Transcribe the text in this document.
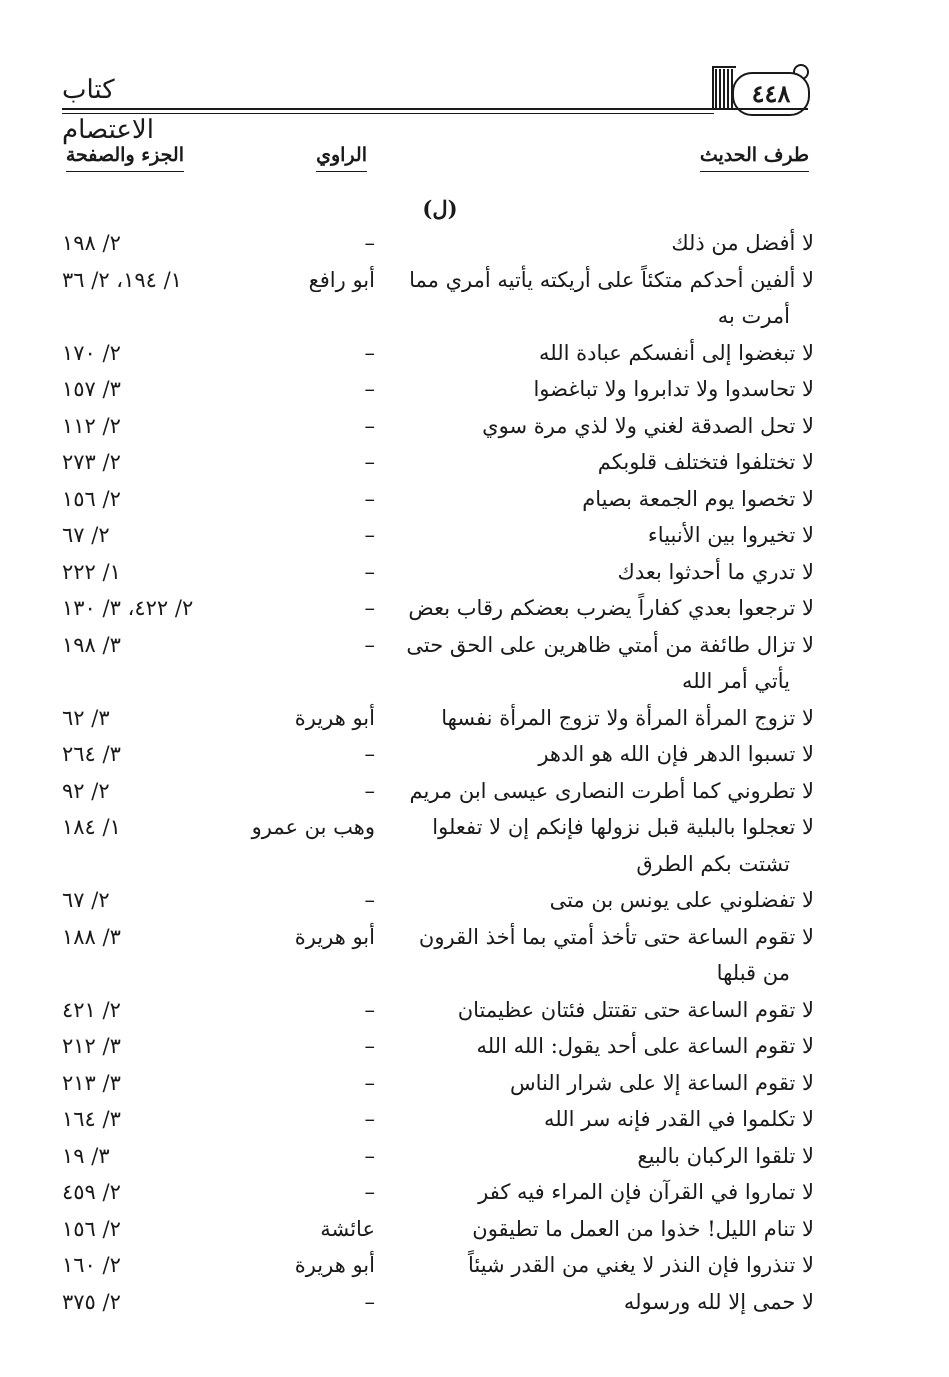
٤٤٨
كتاب الاعتصام
طرف الحديث
الراوي
الجزء والصفحة
(ل)
لا أفضل من ذلك
–
٢/ ١٩٨
لا ألفين أحدكم متكئاً على أريكته يأتيه أمري مما
أمرت به
أبو رافع
١/ ١٩٤، ٢/ ٣٦
لا تبغضوا إلى أنفسكم عبادة الله
–
٢/ ١٧٠
لا تحاسدوا ولا تدابروا ولا تباغضوا
–
٣/ ١٥٧
لا تحل الصدقة لغني ولا لذي مرة سوي
–
٢/ ١١٢
لا تختلفوا فتختلف قلوبكم
–
٢/ ٢٧٣
لا تخصوا يوم الجمعة بصيام
–
٢/ ١٥٦
لا تخيروا بين الأنبياء
–
٢/ ٦٧
لا تدري ما أحدثوا بعدك
–
١/ ٢٢٢
لا ترجعوا بعدي كفاراً يضرب بعضكم رقاب بعض
–
٢/ ٤٢٢، ٣/ ١٣٠
لا تزال طائفة من أمتي ظاهرين على الحق حتى
يأتي أمر الله
–
٣/ ١٩٨
لا تزوج المرأة المرأة ولا تزوج المرأة نفسها
أبو هريرة
٣/ ٦٢
لا تسبوا الدهر فإن الله هو الدهر
–
٣/ ٢٦٤
لا تطروني كما أطرت النصارى عيسى ابن مريم
–
٢/ ٩٢
لا تعجلوا بالبلية قبل نزولها فإنكم إن لا تفعلوا
تشتت بكم الطرق
وهب بن عمرو
١/ ١٨٤
لا تفضلوني على يونس بن متى
–
٢/ ٦٧
لا تقوم الساعة حتى تأخذ أمتي بما أخذ القرون
من قبلها
أبو هريرة
٣/ ١٨٨
لا تقوم الساعة حتى تقتتل فئتان عظيمتان
–
٢/ ٤٢١
لا تقوم الساعة على أحد يقول: الله الله
–
٣/ ٢١٢
لا تقوم الساعة إلا على شرار الناس
–
٣/ ٢١٣
لا تكلموا في القدر فإنه سر الله
–
٣/ ١٦٤
لا تلقوا الركبان بالبيع
–
٣/ ١٩
لا تماروا في القرآن فإن المراء فيه كفر
–
٢/ ٤٥٩
لا تنام الليل! خذوا من العمل ما تطيقون
عائشة
٢/ ١٥٦
لا تنذروا فإن النذر لا يغني من القدر شيئاً
أبو هريرة
٢/ ١٦٠
لا حمى إلا لله ورسوله
–
٢/ ٣٧٥
